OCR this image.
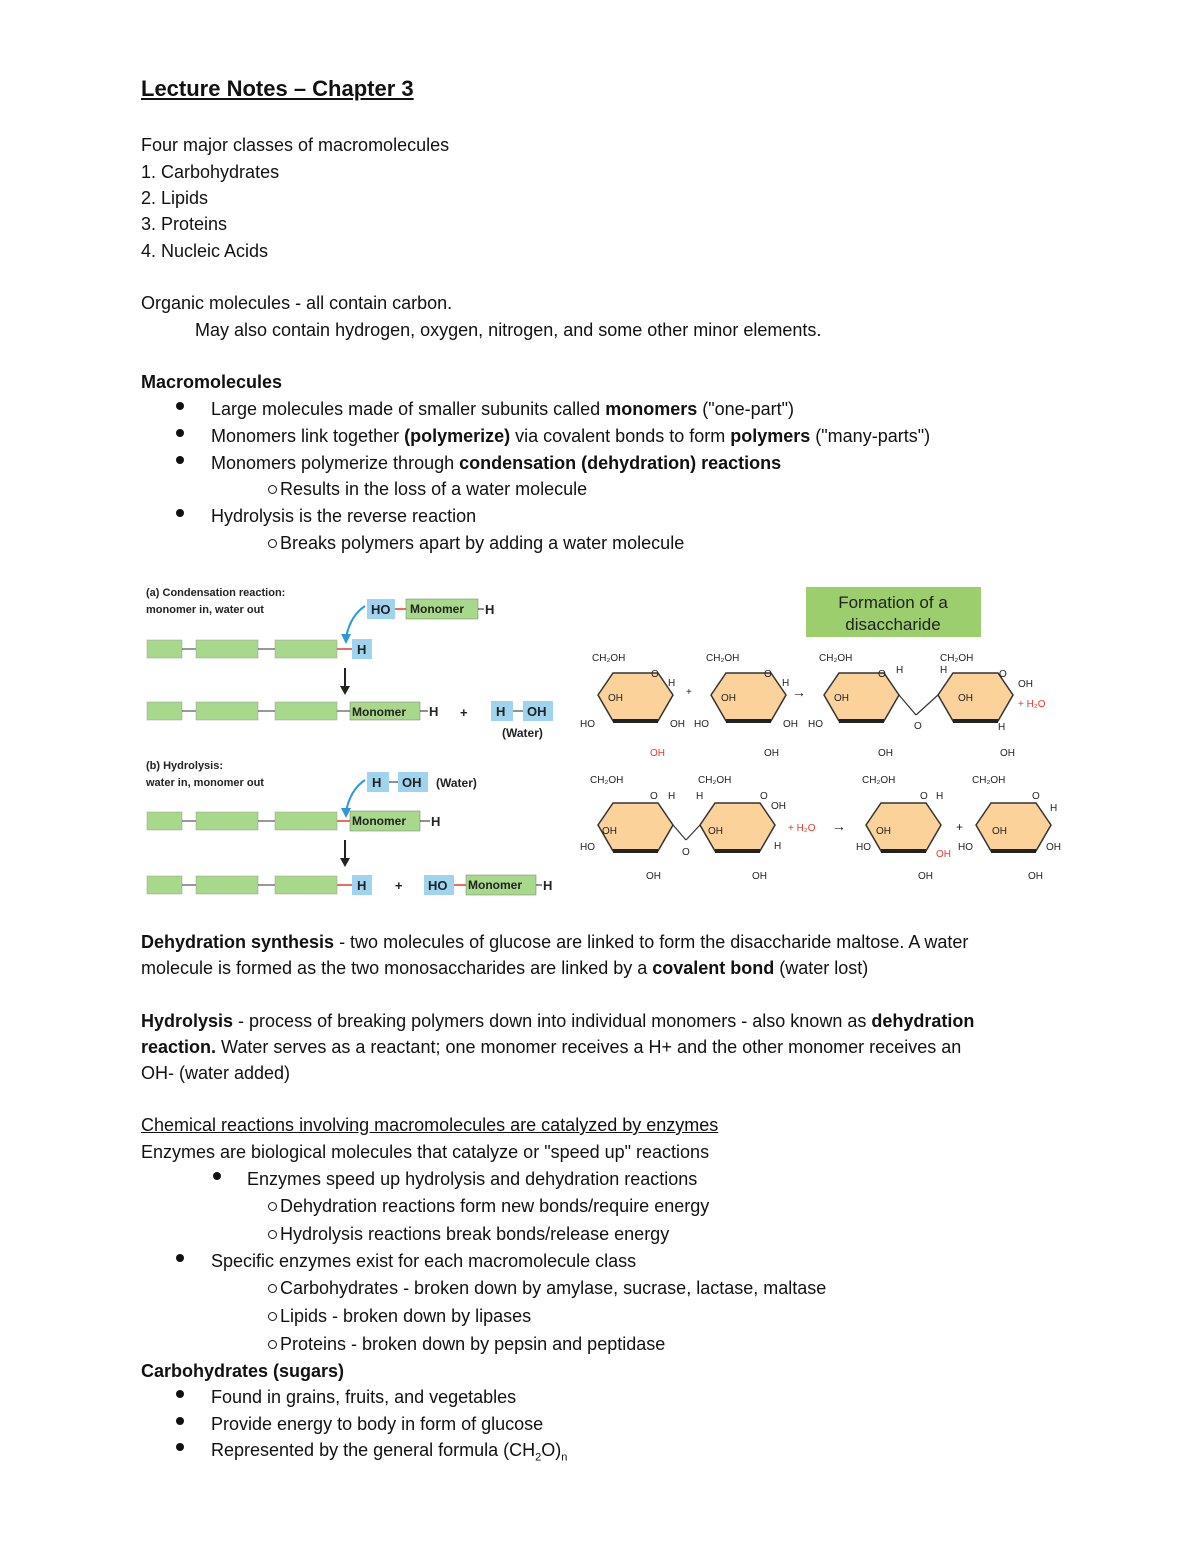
Lecture Notes – Chapter 3
Four major classes of macromolecules
1. Carbohydrates
2. Lipids
3. Proteins
4. Nucleic Acids
Organic molecules - all contain carbon.
May also contain hydrogen, oxygen, nitrogen, and some other minor elements.
Macromolecules
Large molecules made of smaller subunits called monomers ("one-part")
Monomers link together (polymerize) via covalent bonds to form polymers ("many-parts")
Monomers polymerize through condensation (dehydration) reactions
Results in the loss of a water molecule
Hydrolysis is the reverse reaction
Breaks polymers apart by adding a water molecule
(a) Condensation reaction:
monomer in, water out	HO Monomer H
H
Monomer H + H OH
(Water)
(b) Hydrolysis:
water in, monomer out	H OH (Water)
Monomer H
H + HO Monomer H
Formation of a
disaccharide
CH₂OH
O
H
OH
HO	OH
OH
+
CH₂OH
O
H
OH
HO	OH
OH
→
CH₂OH
O H
OH
HO
OH
O
CH₂OH
H	O
OH
OH
+ H₂O
H
OH
CH₂OH
O H
OH
HO
OH
O
CH₂OH
H	O
OH
OH	+ H₂O
H
OH
→
CH₂OH
O H
OH
HO
OH
OH
+
CH₂OH
O
H
OH
HO	OH
OH
Dehydration synthesis - two molecules of glucose are linked to form the disaccharide maltose. A water
molecule is formed as the two monosaccharides are linked by a covalent bond (water lost)
Hydrolysis - process of breaking polymers down into individual monomers - also known as dehydration
reaction. Water serves as a reactant; one monomer receives a H+ and the other monomer receives an
OH- (water added)
Chemical reactions involving macromolecules are catalyzed by enzymes
Enzymes are biological molecules that catalyze or "speed up" reactions
Enzymes speed up hydrolysis and dehydration reactions
Dehydration reactions form new bonds/require energy
Hydrolysis reactions break bonds/release energy
Specific enzymes exist for each macromolecule class
Carbohydrates - broken down by amylase, sucrase, lactase, maltase
Lipids - broken down by lipases
Proteins - broken down by pepsin and peptidase
Carbohydrates (sugars)
Found in grains, fruits, and vegetables
Provide energy to body in form of glucose
Represented by the general formula $(CH_2O)_n$
